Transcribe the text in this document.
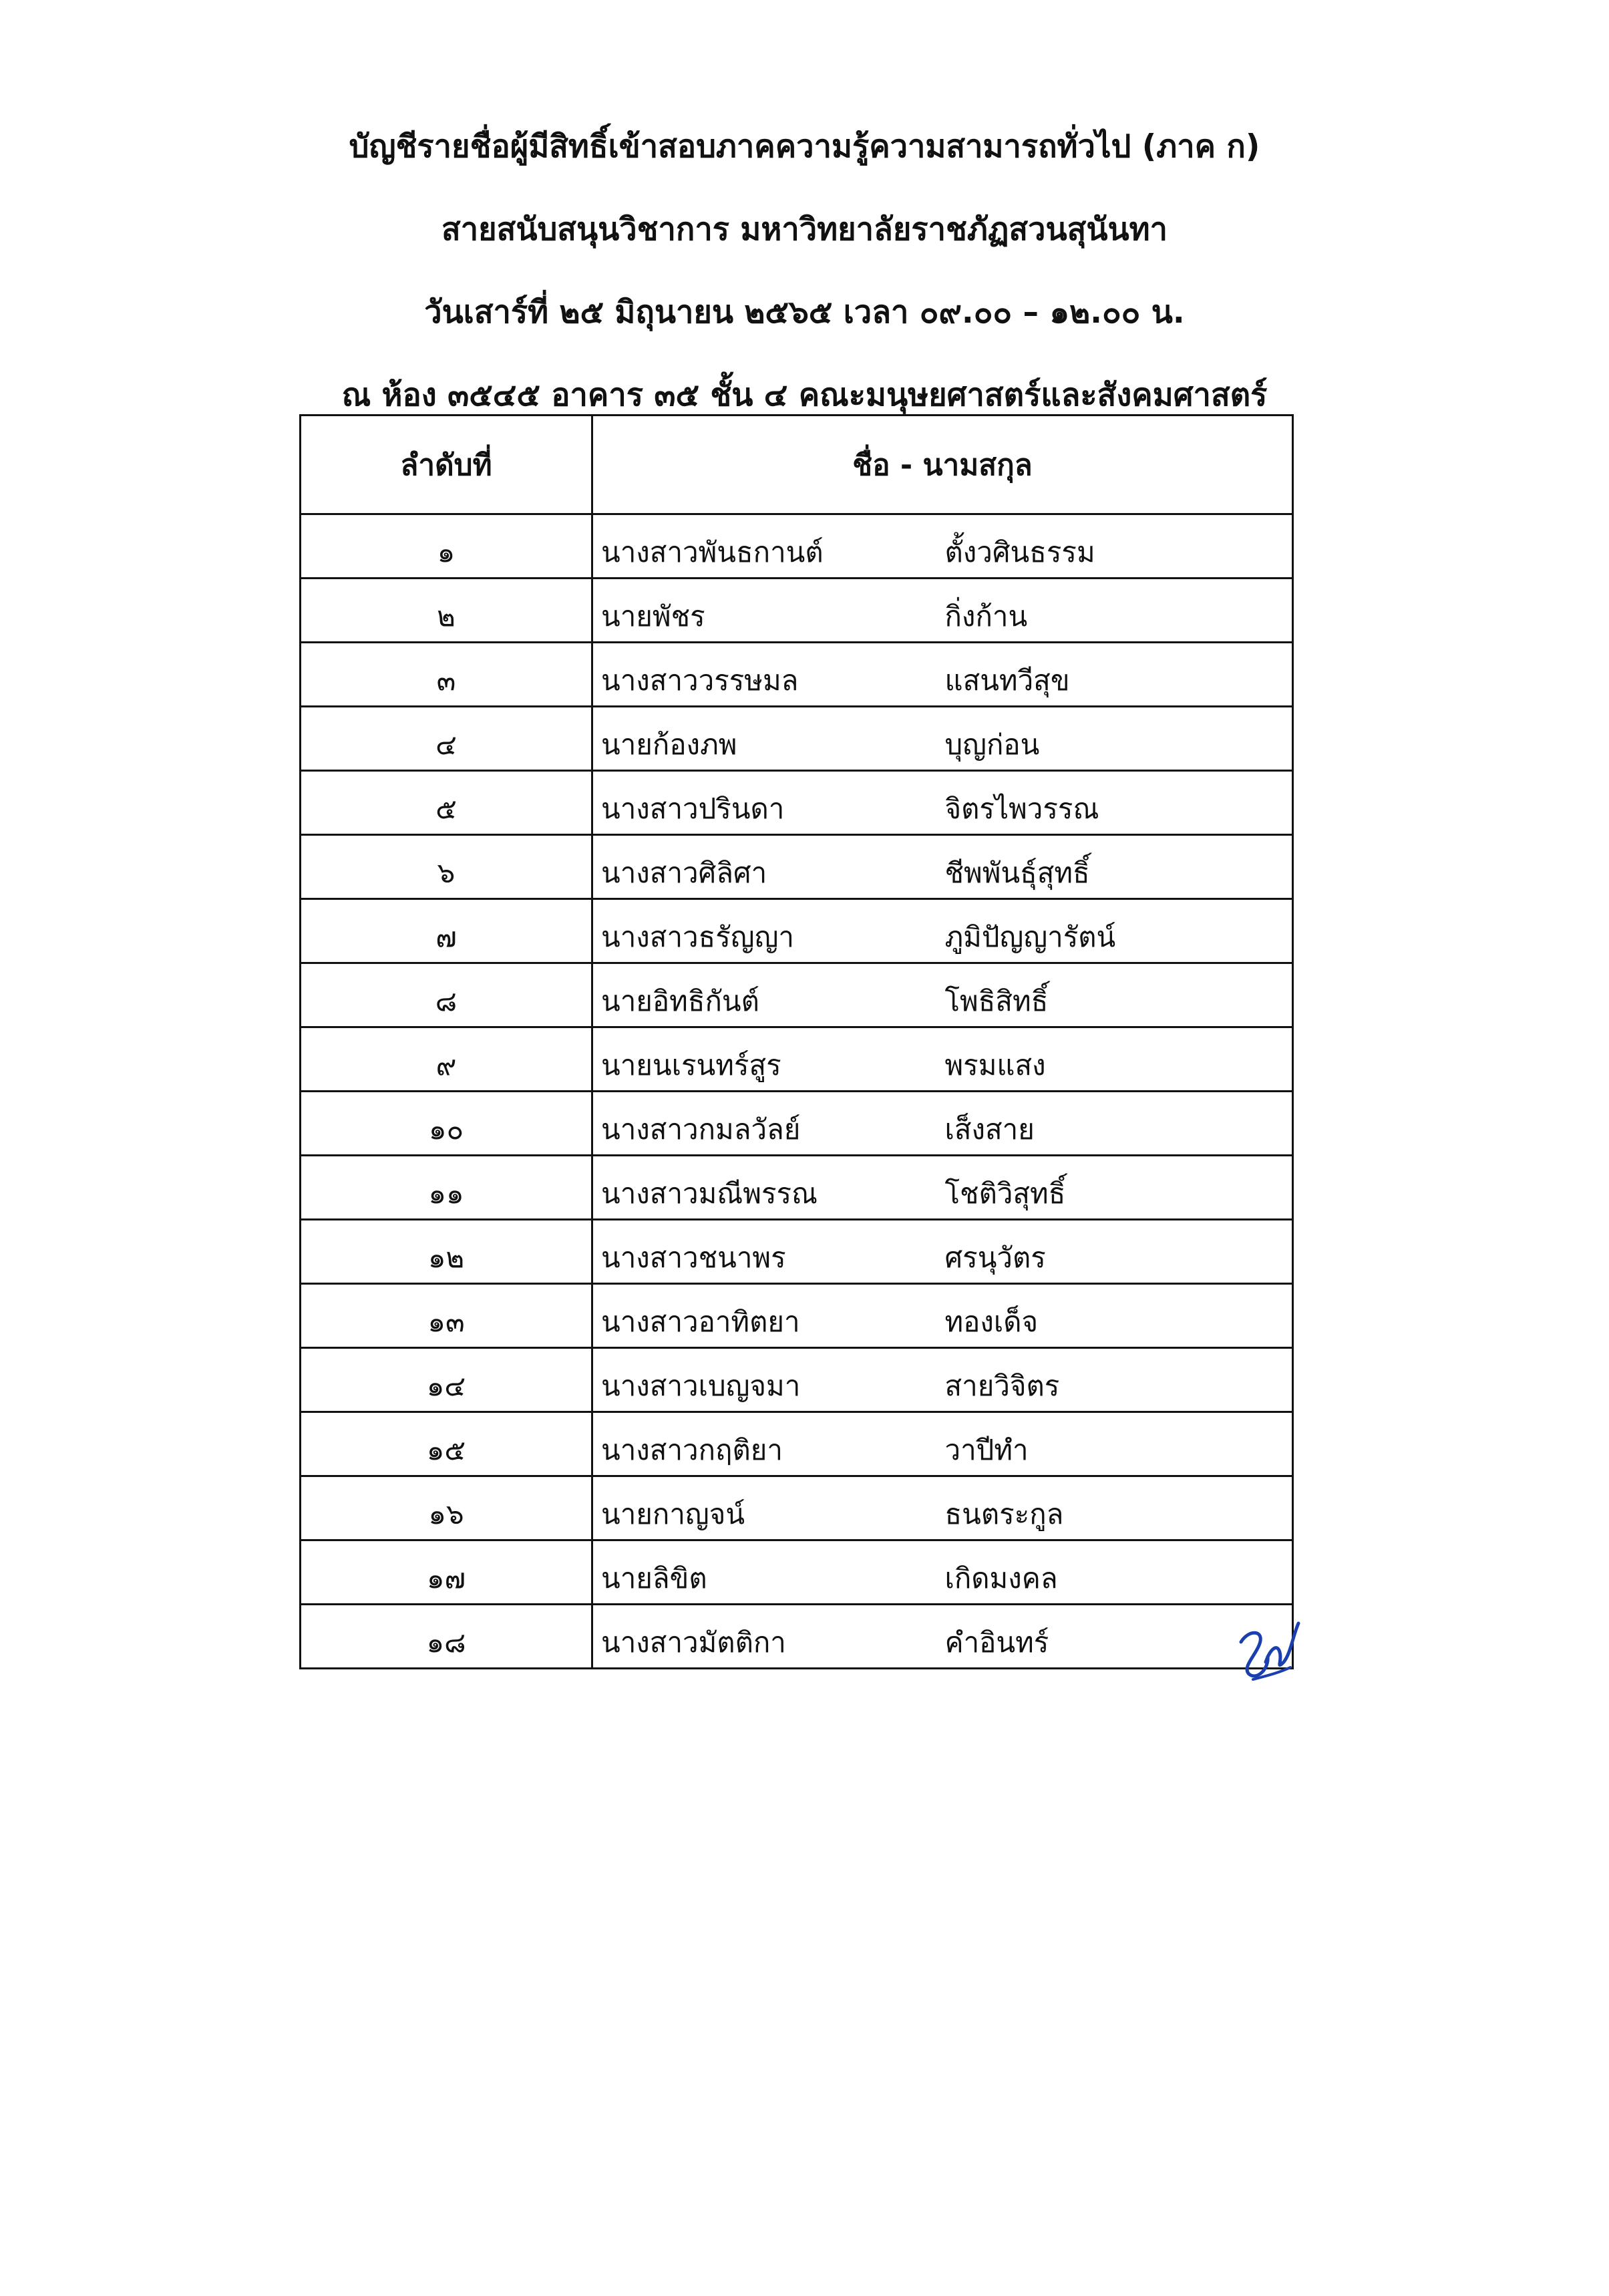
บัญชีรายชื่อผู้มีสิทธิ์เข้าสอบภาคความรู้ความสามารถทั่วไป (ภาค ก)
สายสนับสนุนวิชาการ มหาวิทยาลัยราชภัฏสวนสุนันทา
วันเสาร์ที่ ๒๕ มิถุนายน ๒๕๖๕ เวลา ๐๙.๐๐ – ๑๒.๐๐ น.
ณ ห้อง ๓๕๔๕ อาคาร ๓๕ ชั้น ๔ คณะมนุษยศาสตร์และสังคมศาสตร์
ลำดับที่	ชื่อ - นามสกุล	

๑	นางสาวพันธกานต์	ตั้งวศินธรรม

๒	นายพัชร	กิ่งก้าน

๓	นางสาววรรษมล	แสนทวีสุข

๔	นายก้องภพ	บุญก่อน

๕	นางสาวปรินดา	จิตรไพวรรณ

๖	นางสาวศิลิศา	ชีพพันธุ์สุทธิ์

๗	นางสาวธรัญญา	ภูมิปัญญารัตน์

๘	นายอิทธิกันต์	โพธิสิทธิ์

๙	นายนเรนทร์สูร	พรมแสง

๑๐	นางสาวกมลวัลย์	เส็งสาย

๑๑	นางสาวมณีพรรณ	โชติวิสุทธิ์

๑๒	นางสาวชนาพร	ศรนุวัตร

๑๓	นางสาวอาทิตยา	ทองเด็จ

๑๔	นางสาวเบญจมา	สายวิจิตร

๑๕	นางสาวกฤติยา	วาปีทำ

๑๖	นายกาญจน์	ธนตระกูล

๑๗	นายลิขิต	เกิดมงคล

๑๘	นางสาวมัตติกา	คำอินทร์
